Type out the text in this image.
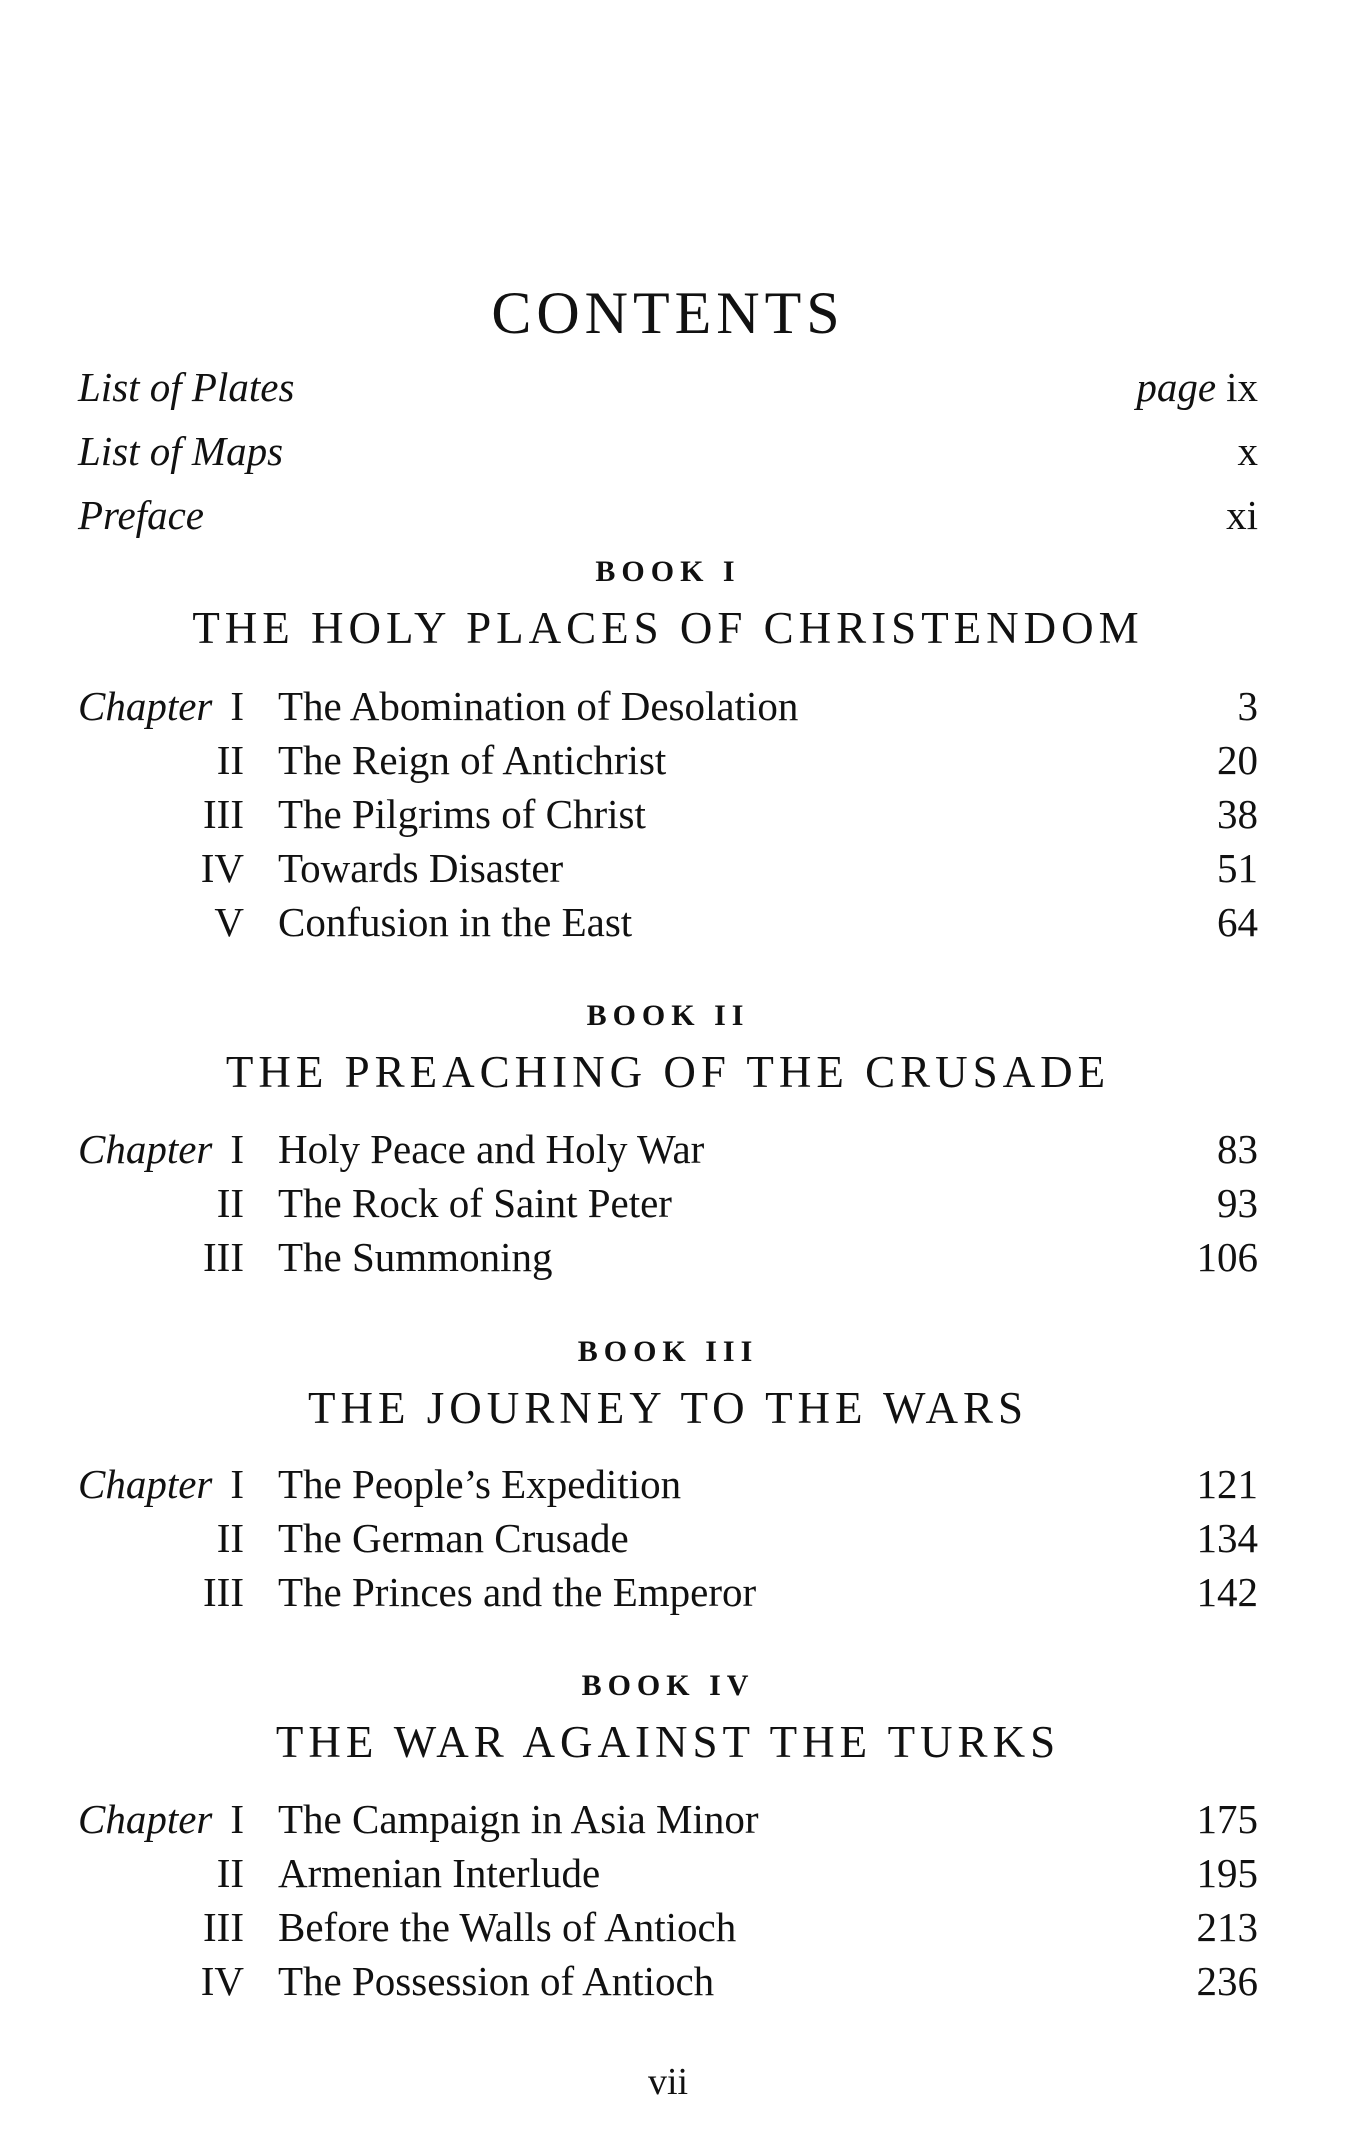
CONTENTS
List of Plates	page ix
List of Maps	x
Preface	xi
BOOK I
THE HOLY PLACES OF CHRISTENDOM
Chapter I The Abomination of Desolation	3
II The Reign of Antichrist	20
III The Pilgrims of Christ	38
IV Towards Disaster	51
V Confusion in the East	64
BOOK II
THE PREACHING OF THE CRUSADE
Chapter I Holy Peace and Holy War	83
II The Rock of Saint Peter	93
III The Summoning	106
BOOK III
THE JOURNEY TO THE WARS
Chapter I The People’s Expedition	121
II The German Crusade	134
III The Princes and the Emperor	142
BOOK IV
THE WAR AGAINST THE TURKS
Chapter I The Campaign in Asia Minor	175
II Armenian Interlude	195
III Before the Walls of Antioch	213
IV The Possession of Antioch	236
vii
